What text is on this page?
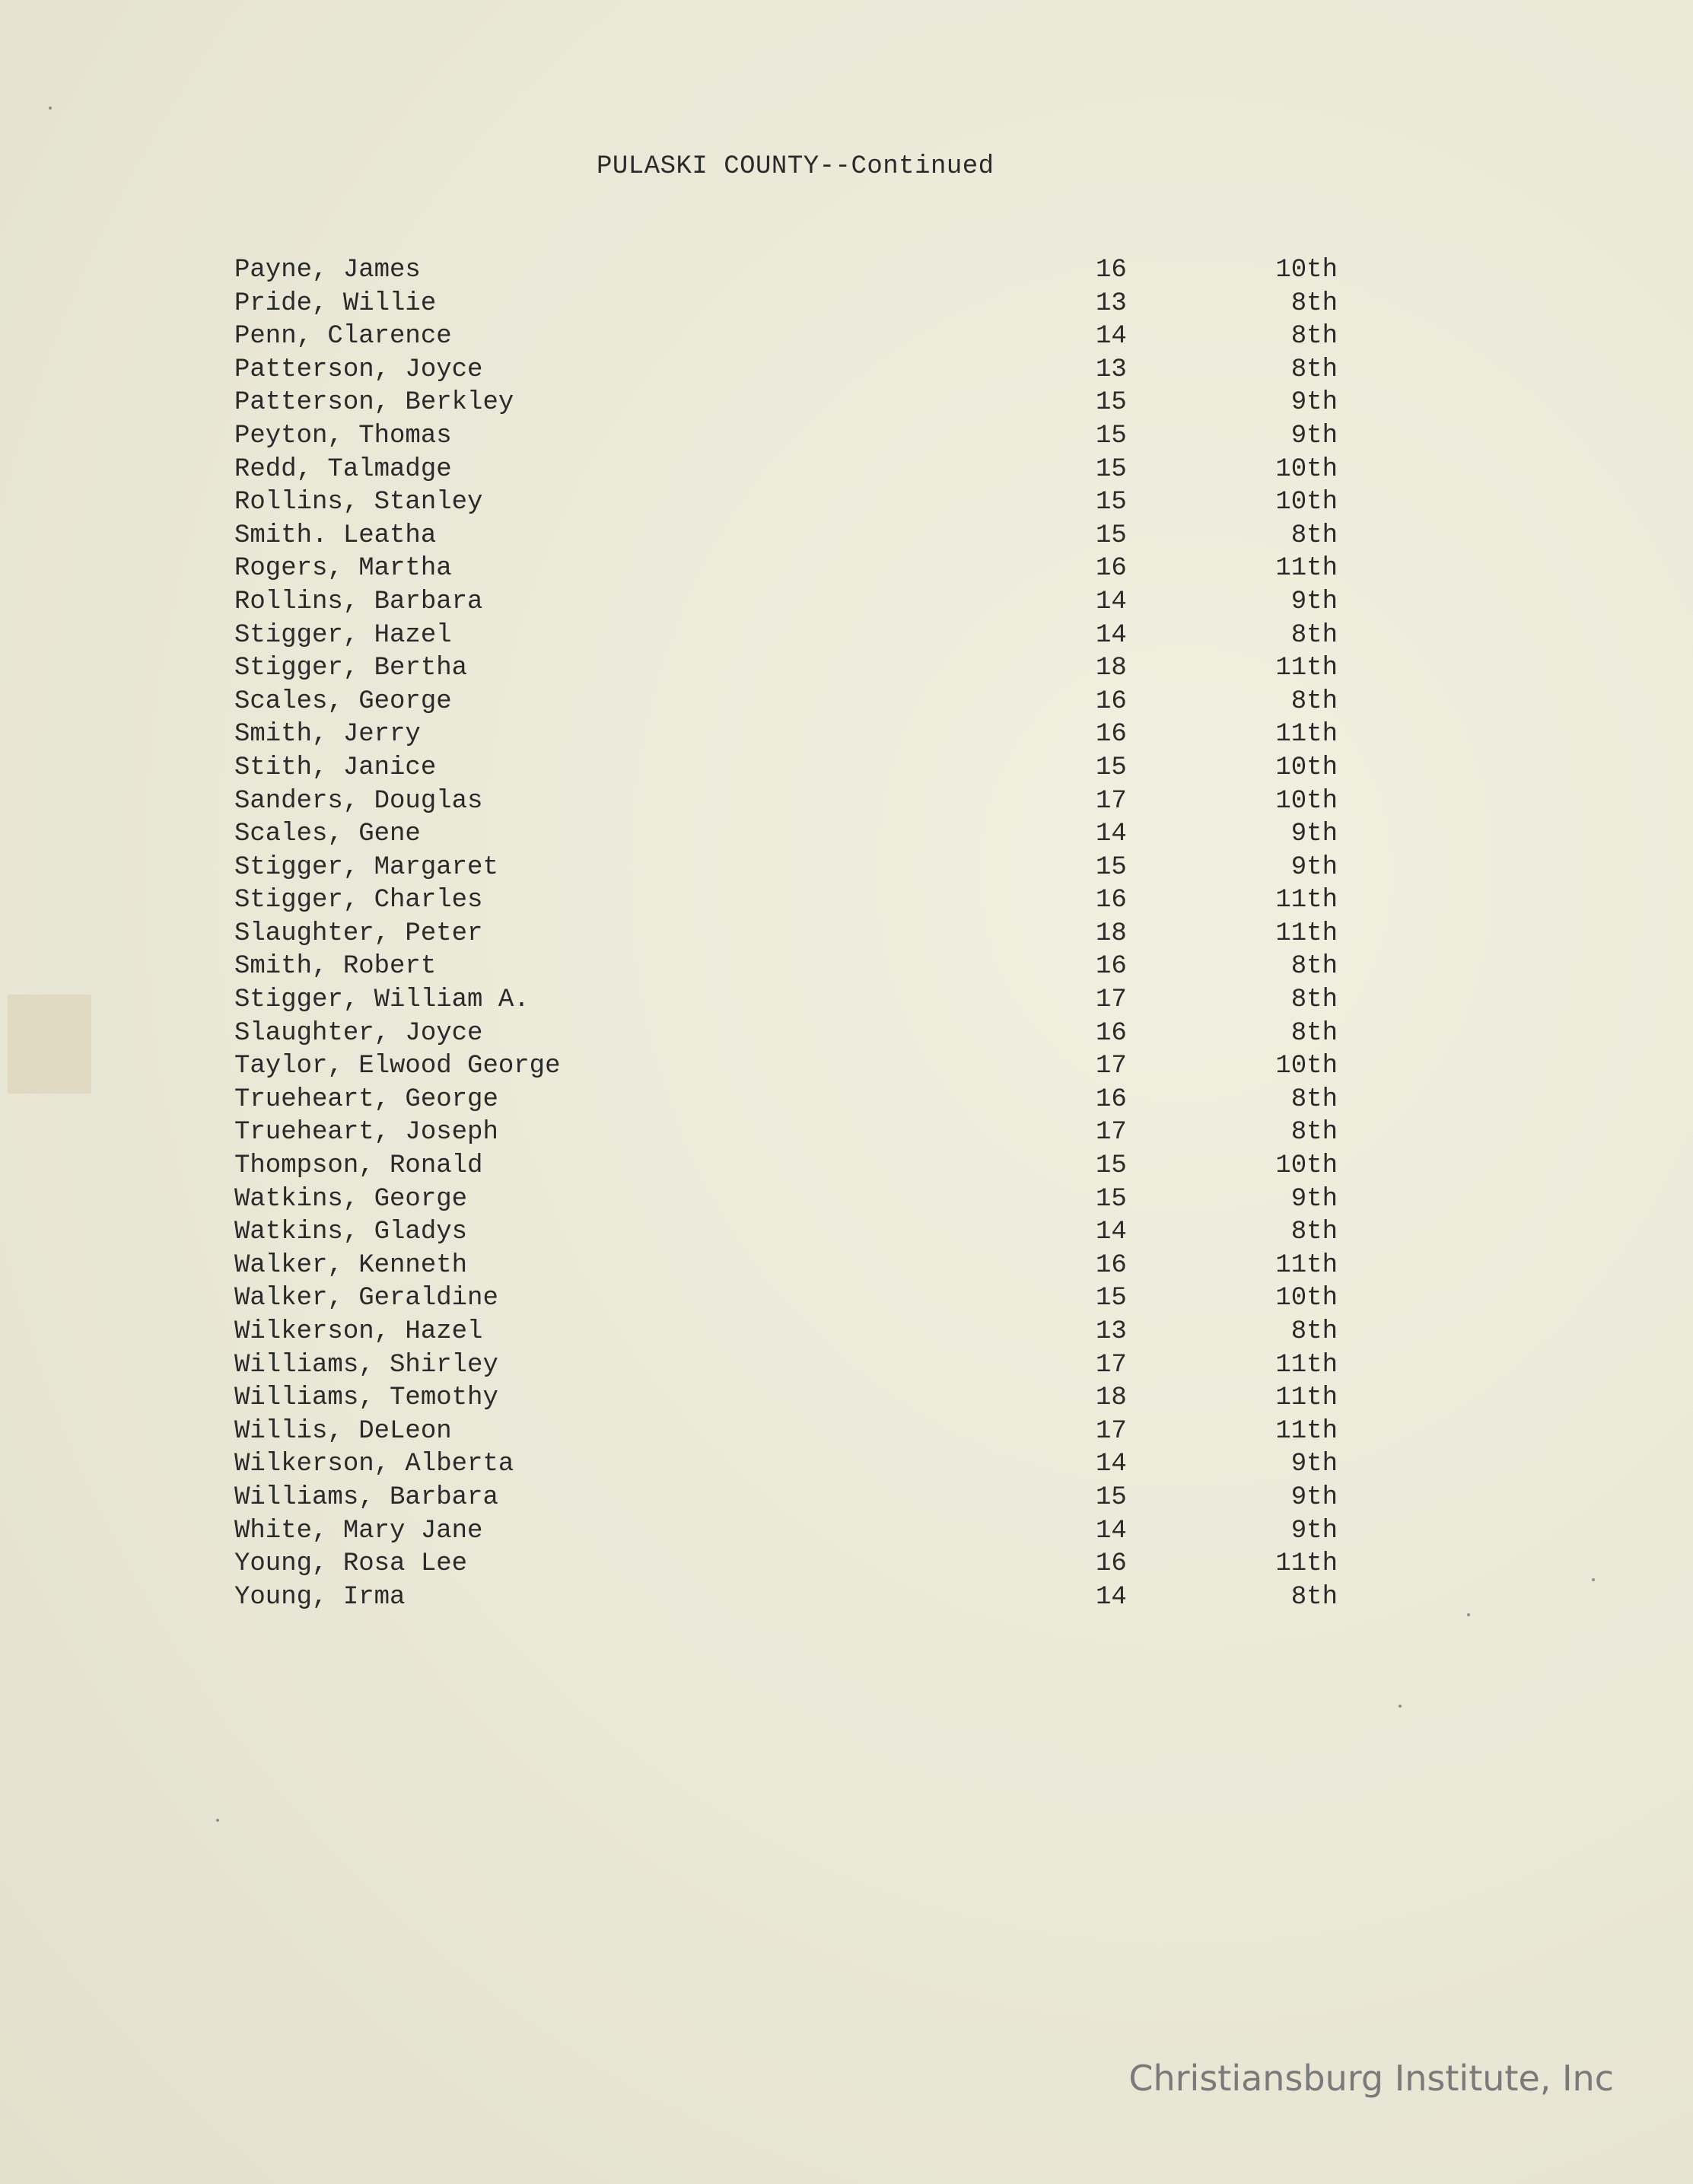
PULASKI COUNTY--Continued
Payne, James	16	10th
Pride, Willie	13	8th
Penn, Clarence	14	8th
Patterson, Joyce	13	8th
Patterson, Berkley	15	9th
Peyton, Thomas	15	9th
Redd, Talmadge	15	10th
Rollins, Stanley	15	10th
Smith. Leatha	15	8th
Rogers, Martha	16	11th
Rollins, Barbara	14	9th
Stigger, Hazel	14	8th
Stigger, Bertha	18	11th
Scales, George	16	8th
Smith, Jerry	16	11th
Stith, Janice	15	10th
Sanders, Douglas	17	10th
Scales, Gene	14	9th
Stigger, Margaret	15	9th
Stigger, Charles	16	11th
Slaughter, Peter	18	11th
Smith, Robert	16	8th
Stigger, William A.	17	8th
Slaughter, Joyce	16	8th
Taylor, Elwood George	17	10th
Trueheart, George	16	8th
Trueheart, Joseph	17	8th
Thompson, Ronald	15	10th
Watkins, George	15	9th
Watkins, Gladys	14	8th
Walker, Kenneth	16	11th
Walker, Geraldine	15	10th
Wilkerson, Hazel	13	8th
Williams, Shirley	17	11th
Williams, Temothy	18	11th
Willis, DeLeon	17	11th
Wilkerson, Alberta	14	9th
Williams, Barbara	15	9th
White, Mary Jane	14	9th
Young, Rosa Lee	16	11th
Young, Irma	14	8th
Christiansburg Institute, Inc
